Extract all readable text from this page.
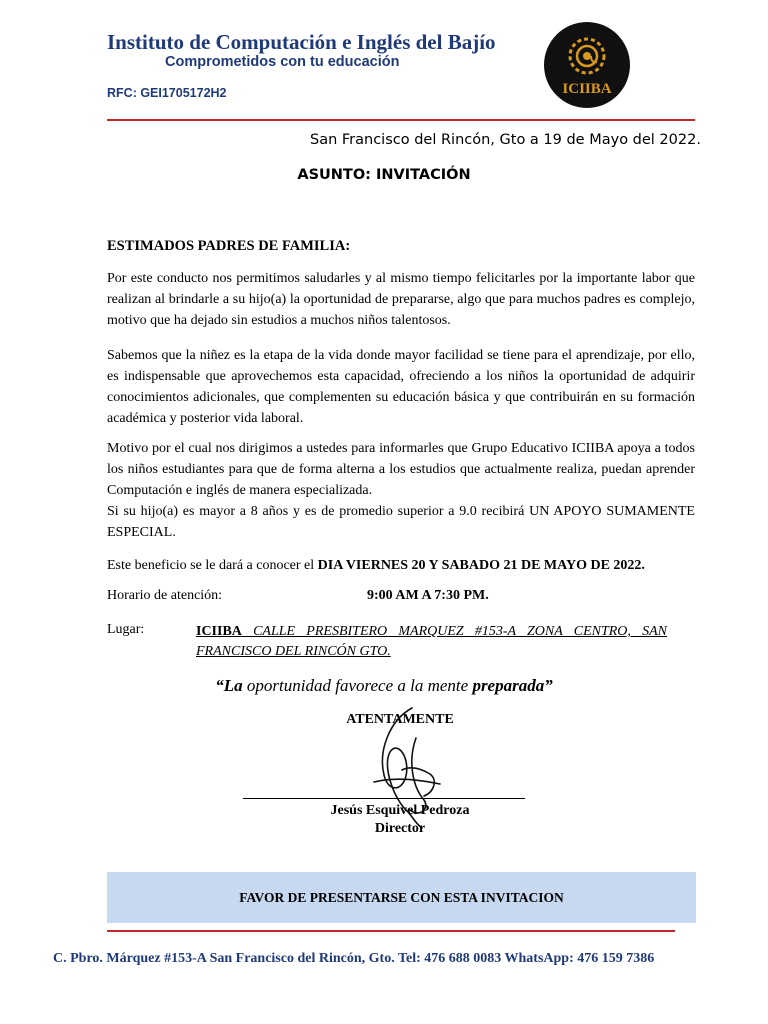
Instituto de Computación e Inglés del Bajío
Comprometidos con tu educación
RFC: GEI1705172H2	ICIIBA
San Francisco del Rincón, Gto a 19 de Mayo del 2022.
ASUNTO: INVITACIÓN
ESTIMADOS PADRES DE FAMILIA:
Por este conducto nos permitimos saludarles y al mismo tiempo felicitarles por la importante labor que realizan al brindarle a su hijo(a) la oportunidad de prepararse, algo que para muchos padres es complejo, motivo que ha dejado sin estudios a muchos niños talentosos.
Sabemos que la niñez es la etapa de la vida donde mayor facilidad se tiene para el aprendizaje, por ello, es indispensable que aprovechemos esta capacidad, ofreciendo a los niños la oportunidad de adquirir conocimientos adicionales, que complementen su educación básica y que contribuirán en su formación académica y posterior vida laboral.
Motivo por el cual nos dirigimos a ustedes para informarles que Grupo Educativo ICIIBA apoya a todos los niños estudiantes para que de forma alterna a los estudios que actualmente realiza, puedan aprender Computación e inglés de manera especializada.
Si su hijo(a) es mayor a 8 años y es de promedio superior a 9.0 recibirá UN APOYO SUMAMENTE ESPECIAL.
Este beneficio se le dará a conocer el DIA VIERNES 20 Y SABADO 21 DE MAYO DE 2022.
Horario de atención:	9:00 AM A 7:30 PM.
Lugar:	ICIIBA CALLE PRESBITERO MARQUEZ #153-A ZONA CENTRO, SAN FRANCISCO DEL RINCÓN GTO.
“La oportunidad favorece a la mente preparada”
ATENTAMENTE
Jesús Esquivel Pedroza
Director
FAVOR DE PRESENTARSE CON ESTA INVITACION
C. Pbro. Márquez #153-A San Francisco del Rincón, Gto. Tel: 476 688 0083 WhatsApp: 476 159 7386
